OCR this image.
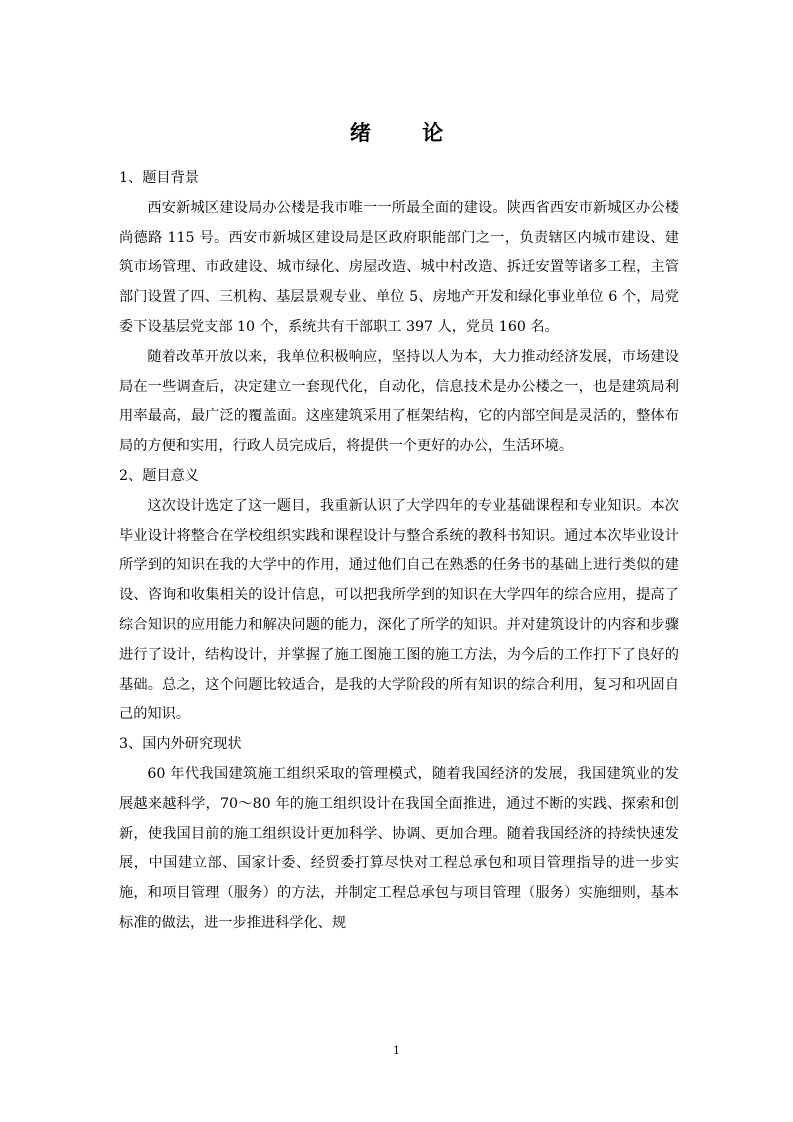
绪 论

1、题目背景

西安新城区建设局办公楼是我市唯一一所最全面的建设。陕西省西安市新城区办公楼尚德路 115 号。西安市新城区建设局是区政府职能部门之一，负责辖区内城市建设、建筑市场管理、市政建设、城市绿化、房屋改造、城中村改造、拆迁安置等诸多工程，主管部门设置了四、三机构、基层景观专业、单位 5、房地产开发和绿化事业单位 6 个，局党委下设基层党支部 10 个，系统共有干部职工 397 人，党员 160 名。

随着改革开放以来，我单位积极响应，坚持以人为本，大力推动经济发展，市场建设局在一些调查后，决定建立一套现代化，自动化，信息技术是办公楼之一，也是建筑局利用率最高，最广泛的覆盖面。这座建筑采用了框架结构，它的内部空间是灵活的，整体布局的方便和实用，行政人员完成后，将提供一个更好的办公，生活环境。

2、题目意义

这次设计选定了这一题目，我重新认识了大学四年的专业基础课程和专业知识。本次毕业设计将整合在学校组织实践和课程设计与整合系统的教科书知识。通过本次毕业设计所学到的知识在我的大学中的作用，通过他们自己在熟悉的任务书的基础上进行类似的建设、咨询和收集相关的设计信息，可以把我所学到的知识在大学四年的综合应用，提高了综合知识的应用能力和解决问题的能力，深化了所学的知识。并对建筑设计的内容和步骤进行了设计，结构设计，并掌握了施工图施工图的施工方法，为今后的工作打下了良好的基础。总之，这个问题比较适合，是我的大学阶段的所有知识的综合利用，复习和巩固自己的知识。

3、国内外研究现状

60 年代我国建筑施工组织采取的管理模式，随着我国经济的发展，我国建筑业的发展越来越科学，70～80 年的施工组织设计在我国全面推进，通过不断的实践、探索和创新，使我国目前的施工组织设计更加科学、协调、更加合理。随着我国经济的持续快速发展，中国建立部、国家计委、经贸委打算尽快对工程总承包和项目管理指导的进一步实施，和项目管理（服务）的方法，并制定工程总承包与项目管理（服务）实施细则，基本标准的做法，进一步推进科学化、规

1
